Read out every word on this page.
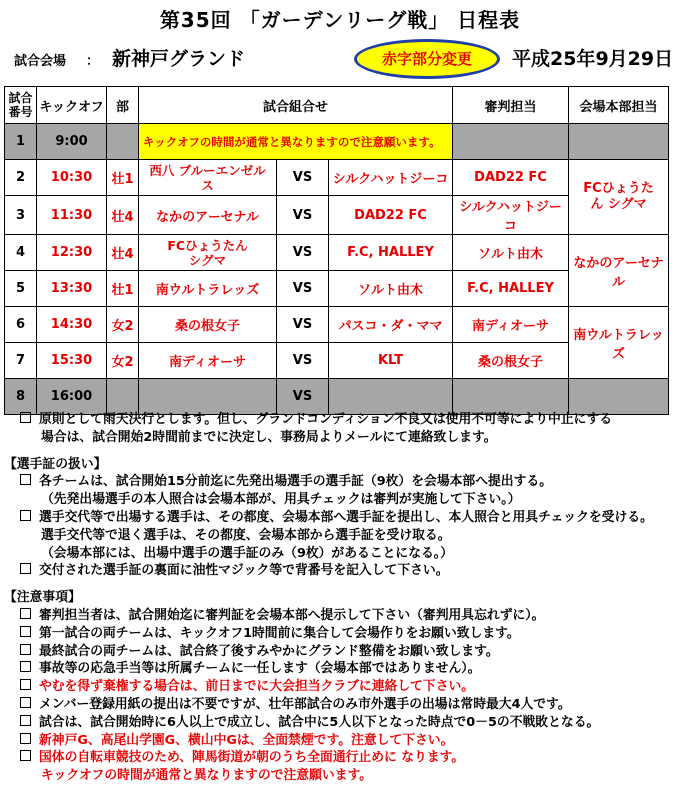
第35回 「ガーデンリーグ戦」 日程表
試合会場 ： 新神戸グランド	赤字部分変更	平成25年9月29日
試合番号	キックオフ	部	試合組合せ			審判担当	会場本部担当
1	9:00		キックオフの時間が通常と異なりますので注意願います。				
2	10:30	壮1	西八 ブルーエンゼルス	VS	シルクハットジーコ	DAD22 FC	FCひょうたん シグマ
3	11:30	壮4	なかのアーセナル	VS	DAD22 FC	シルクハットジーコ	
4	12:30	壮4	FCひょうたん シグマ	VS	F.C, HALLEY	ソルト由木	なかのアーセナル
5	13:30	壮1	南ウルトラレッズ	VS	ソルト由木	F.C, HALLEY	
6	14:30	女2	桑の根女子	VS	パスコ・ダ・ママ	南ディオーサ	南ウルトラレッズ
7	15:30	女2	南ディオーサ	VS	KLT	桑の根女子	
8	16:00			VS			
原則として雨天決行とします。但し、グランドコンディション不良又は使用不可等により中止にする
場合は、試合開始2時間前までに決定し、事務局よりメールにて連絡致します。
【選手証の扱い】
各チームは、試合開始15分前迄に先発出場選手の選手証（9枚）を会場本部へ提出する。
（先発出場選手の本人照合は会場本部が、用具チェックは審判が実施して下さい。）
選手交代等で出場する選手は、その都度、会場本部へ選手証を提出し、本人照合と用具チェックを受ける。
選手交代等で退く選手は、その都度、会場本部から選手証を受け取る。
（会場本部には、出場中選手の選手証のみ（9枚）があることになる。）
交付された選手証の裏面に油性マジック等で背番号を記入して下さい。
【注意事項】
審判担当者は、試合開始迄に審判証を会場本部へ提示して下さい（審判用具忘れずに）。
第一試合の両チームは、キックオフ1時間前に集合して会場作りをお願い致します。
最終試合の両チームは、試合終了後すみやかにグランド整備をお願い致します。
事故等の応急手当等は所属チームに一任します（会場本部ではありません）。
やむを得ず棄権する場合は、前日までに大会担当クラブに連絡して下さい。
メンバー登録用紙の提出は不要ですが、壮年部試合のみ市外選手の出場は常時最大4人です。
試合は、試合開始時に6人以上で成立し、試合中に5人以下となった時点で0－5の不戦敗となる。
新神戸G、高尾山学園G、横山中Gは、全面禁煙です。注意して下さい。
国体の自転車競技のため、陣馬街道が朝のうち全面通行止めに なります。
キックオフの時間が通常と異なりますので注意願います。
